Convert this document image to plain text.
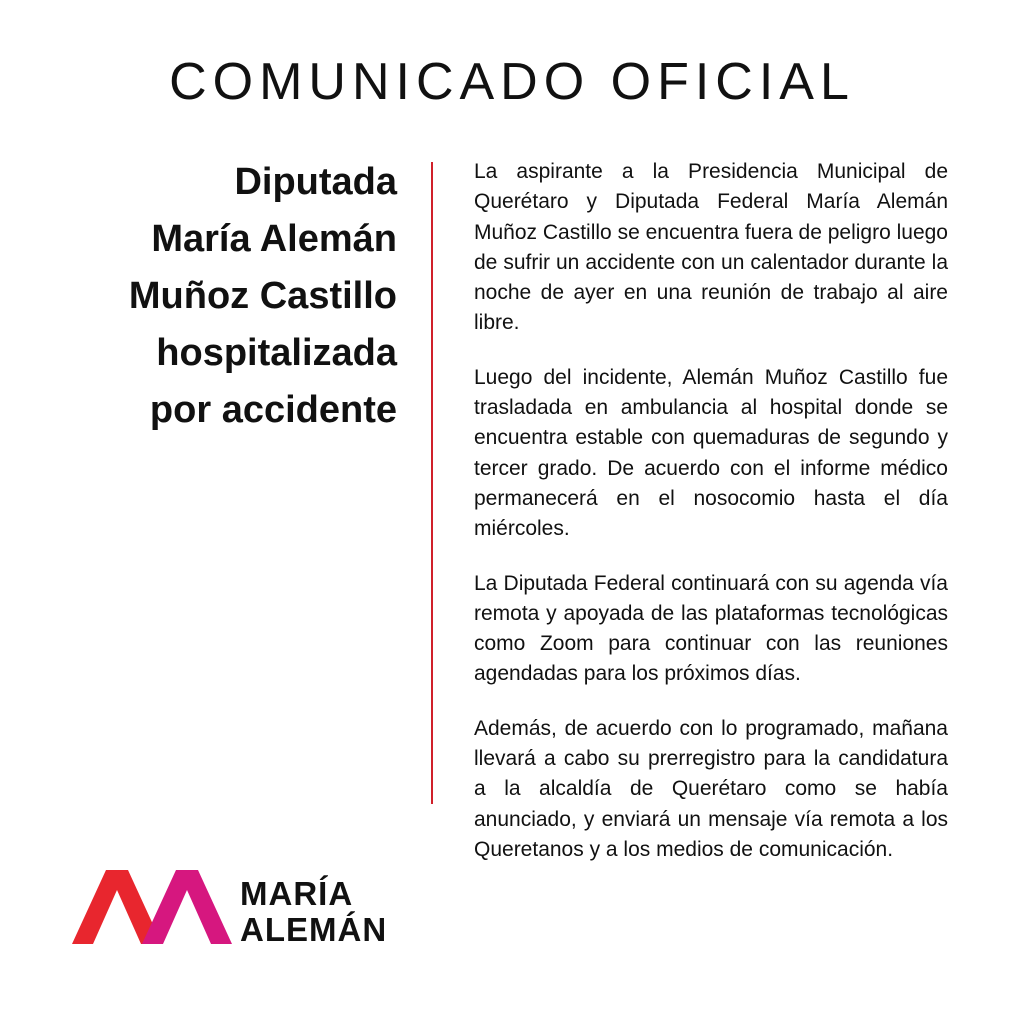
COMUNICADO OFICIAL
Diputada
María Alemán
Muñoz Castillo
hospitalizada
por accidente

La aspirante a la Presidencia Municipal de Querétaro y Diputada Federal María Alemán Muñoz Castillo se encuentra fuera de peligro luego de sufrir un accidente con un calentador durante la noche de ayer en una reunión de trabajo al aire libre.

Luego del incidente, Alemán Muñoz Castillo fue trasladada en ambulancia al hospital donde se encuentra estable con quemaduras de segundo y tercer grado. De acuerdo con el informe médico permanecerá en el nosocomio hasta el día miércoles.

La Diputada Federal continuará con su agenda vía remota y apoyada de las plataformas tecnológicas como Zoom para continuar con las reuniones agendadas para los próximos días.

Además, de acuerdo con lo programado, mañana llevará a cabo su prerregistro para la candidatura a la alcaldía de Querétaro como se había anunciado, y enviará un mensaje vía remota a los Queretanos y a los medios de comunicación.

MARÍA
ALEMÁN
